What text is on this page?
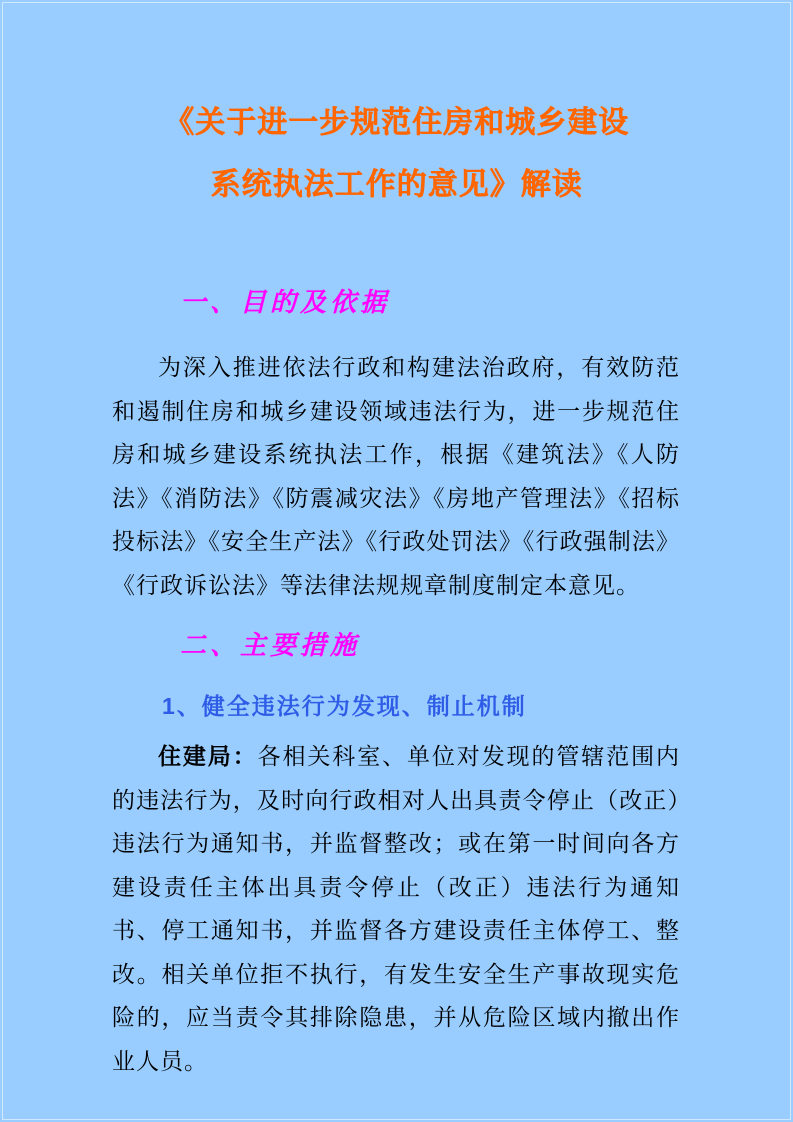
《关于进一步规范住房和城乡建设
系统执法工作的意见》解读
一、目的及依据

为深入推进依法行政和构建法治政府，有效防范和遏制住房和城乡建设领域违法行为，进一步规范住房和城乡建设系统执法工作，根据《建筑法》《人防法》《消防法》《防震减灾法》《房地产管理法》《招标投标法》《安全生产法》《行政处罚法》《行政强制法》《行政诉讼法》等法律法规规章制度制定本意见。

二、主要措施
1、健全违法行为发现、制止机制

住建局：各相关科室、单位对发现的管辖范围内的违法行为，及时向行政相对人出具责令停止（改正）违法行为通知书，并监督整改；或在第一时间向各方建设责任主体出具责令停止（改正）违法行为通知书、停工通知书，并监督各方建设责任主体停工、整改。相关单位拒不执行，有发生安全生产事故现实危险的，应当责令其排除隐患，并从危险区域内撤出作业人员。
